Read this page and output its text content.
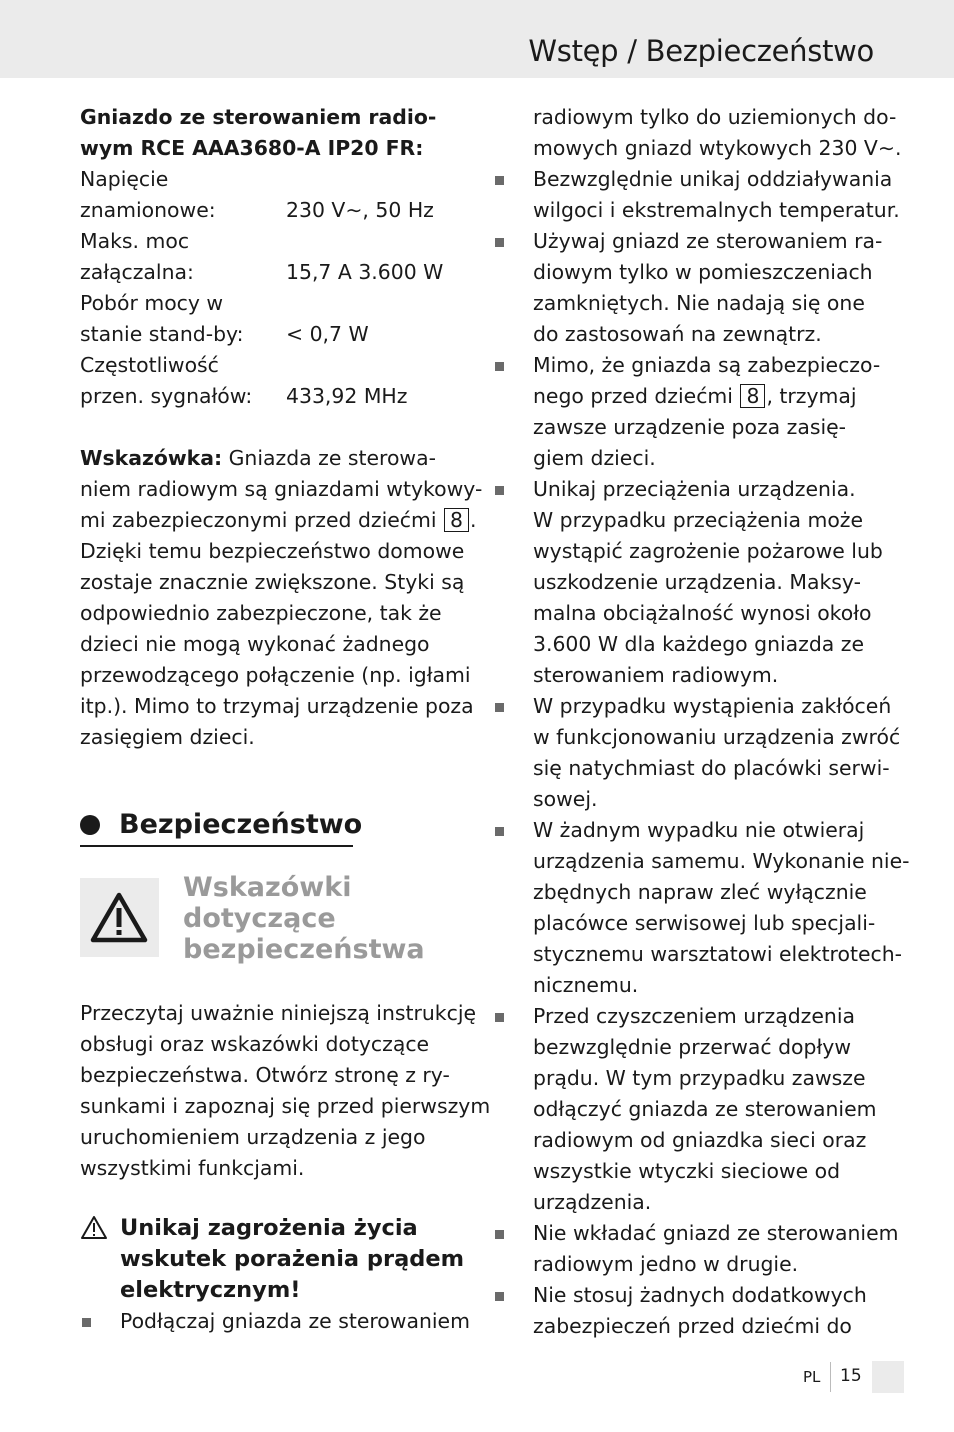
Wstęp / Bezpieczeństwo
Gniazdo ze sterowaniem radio-
wym RCE AAA3680-A IP20 FR:
Napięcie
znamionowe:	230 V∼, 50 Hz
Maks. moc
załączalna:	15,7 A 3.600 W
Pobór mocy w
stanie stand-by:	< 0,7 W
Częstotliwość
przen. sygnałów:	433,92 MHz
Wskazówka: Gniazda ze sterowa-
niem radiowym są gniazdami wtykowy-
mi zabezpieczonymi przed dziećmi 8 .
Dzięki temu bezpieczeństwo domowe
zostaje znacznie zwiększone. Styki są
odpowiednio zabezpieczone, tak że
dzieci nie mogą wykonać żadnego
przewodzącego połączenie (np. igłami
itp.). Mimo to trzymaj urządzenie poza
zasięgiem dzieci.
Bezpieczeństwo
Wskazówki
dotyczące
bezpieczeństwa
Przeczytaj uważnie niniejszą instrukcję
obsługi oraz wskazówki dotyczące
bezpieczeństwa. Otwórz stronę z ry-
sunkami i zapoznaj się przed pierwszym
uruchomieniem urządzenia z jego
wszystkimi funkcjami.
Unikaj zagrożenia życia
wskutek porażenia prądem
elektrycznym!
Podłączaj gniazda ze sterowaniem
radiowym tylko do uziemionych do-
mowych gniazd wtykowych 230 V∼.
Bezwzględnie unikaj oddziaływania
wilgoci i ekstremalnych temperatur.
Używaj gniazd ze sterowaniem ra-
diowym tylko w pomieszczeniach
zamkniętych. Nie nadają się one
do zastosowań na zewnątrz.
Mimo, że gniazda są zabezpieczo-
nego przed dziećmi 8 , trzymaj
zawsze urządzenie poza zasię-
giem dzieci.
Unikaj przeciążenia urządzenia.
W przypadku przeciążenia może
wystąpić zagrożenie pożarowe lub
uszkodzenie urządzenia. Maksy-
malna obciążalność wynosi około
3.600 W dla każdego gniazda ze
sterowaniem radiowym.
W przypadku wystąpienia zakłóceń
w funkcjonowaniu urządzenia zwróć
się natychmiast do placówki serwi-
sowej.
W żadnym wypadku nie otwieraj
urządzenia samemu. Wykonanie nie-
zbędnych napraw zleć wyłącznie
placówce serwisowej lub specjali-
stycznemu warsztatowi elektrotech-
nicznemu.
Przed czyszczeniem urządzenia
bezwzględnie przerwać dopływ
prądu. W tym przypadku zawsze
odłączyć gniazda ze sterowaniem
radiowym od gniazdka sieci oraz
wszystkie wtyczki sieciowe od
urządzenia.
Nie wkładać gniazd ze sterowaniem
radiowym jedno w drugie.
Nie stosuj żadnych dodatkowych
zabezpieczeń przed dziećmi do
PL 15
